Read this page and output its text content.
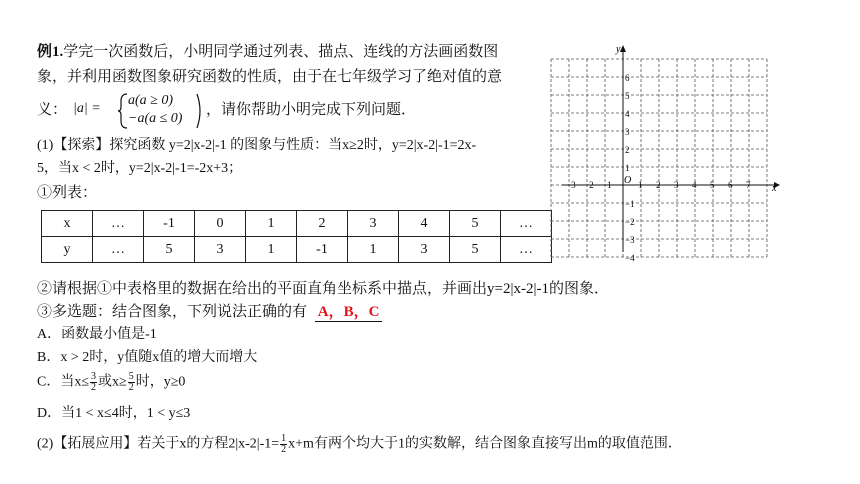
例1.学完一次函数后，小明同学通过列表、描点、连线的方法画函数图
象，并利用函数图象研究函数的性质，由于在七年级学习了绝对值的意
义： |a| =
a(a ≥ 0)
−a(a ≤ 0)
，请你帮助小明完成下列问题．
(1)【探索】探究函数 y=2|x-2|-1 的图象与性质：当x≥2时，y=2|x-2|-1=2x-
5，当x < 2时，y=2|x-2|-1=-2x+3；
①列表：
x	…	-1	0	1	2	3	4	5	…
y	…	5	3	1	-1	1	3	5	…
②请根据①中表格里的数据在给出的平面直角坐标系中描点，并画出y=2|x-2|-1的图象．
③多选题：结合图象，下列说法正确的有 A，B，C
A．函数最小值是-1
B．x > 2时，y值随x值的增大而增大
C．当$x\le \frac{3}{2}$ 或$x\ge \frac{5}{2}$ 时，y≥0
D．当1 < x≤4时，1 < y≤3
(2)【拓展应用】若关于x的方程$2|x-2|-1= \frac{1}{2} x+m$有两个均大于1的实数解，结合图象直接写出m的取值范围．
x
y
O
−3 −2 −1	1 2 3 4 5 6 7
6
5
4
3
2
1
−1
−2
−3
−4
